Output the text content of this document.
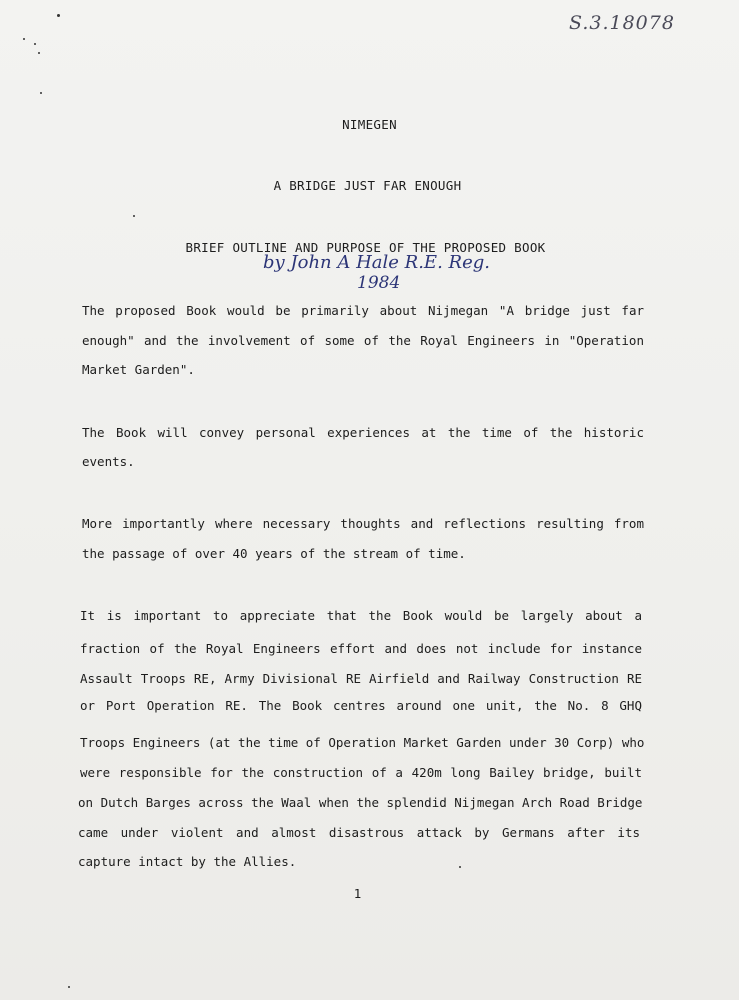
S.3.18078
NIMEGEN
A BRIDGE JUST FAR ENOUGH
BRIEF OUTLINE AND PURPOSE OF THE PROPOSED BOOK
by John A Hale R.E. Reg.
1984
The proposed Book would be primarily about Nijmegan "A bridge just far
enough" and the involvement of some of the Royal Engineers in "Operation
Market Garden".
The Book will convey personal experiences at the time of the historic
events.
More importantly where necessary thoughts and reflections resulting from
the passage of over 40 years of the stream of time.
It is important to appreciate that the Book would be largely about a
fraction of the Royal Engineers effort and does not include for instance
Assault Troops RE, Army Divisional RE Airfield and Railway Construction RE
or Port Operation RE. The Book centres around one unit, the No. 8 GHQ
Troops Engineers (at the time of Operation Market Garden under 30 Corp) who
were responsible for the construction of a 420m long Bailey bridge, built
on Dutch Barges across the Waal when the splendid Nijmegan Arch Road Bridge
came under violent and almost disastrous attack by Germans after its
capture intact by the Allies.
1
